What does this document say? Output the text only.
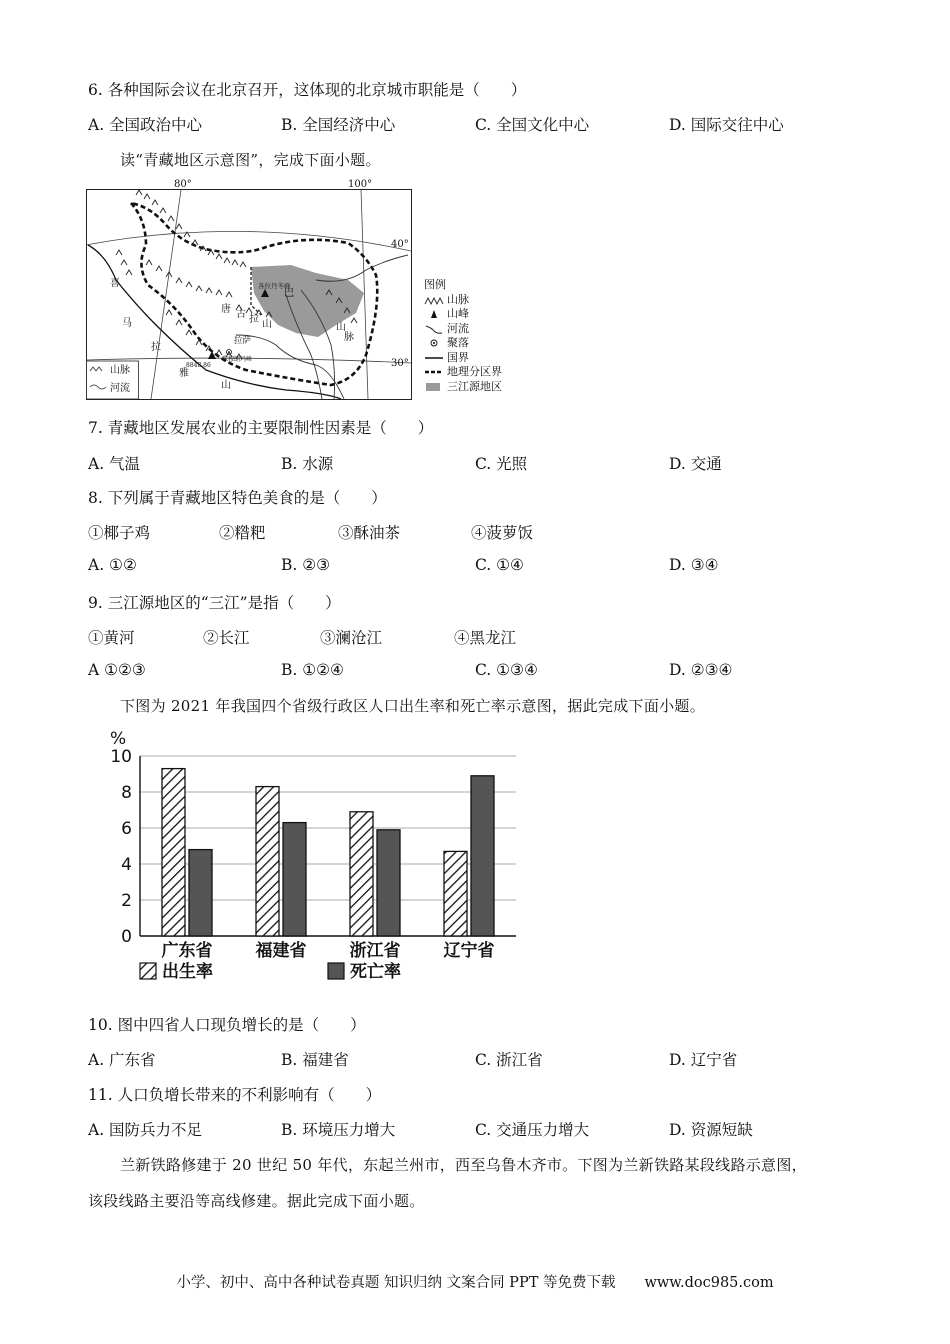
6. 各种国际会议在北京召开，这体现的北京城市职能是（　　）
A. 全国政治中心	B. 全国经济中心	C. 全国文化中心	D. 国际交往中心
读“青藏地区示意图”，完成下面小题。
80°	100°
40°
30°
喜
马
拉
雅
山
唐 古 拉 山
拉萨
巴
山
脉
各拉丹冬峰
8848.86
珠穆朗玛峰
山脉
河流
图例
山脉
山峰
河流
聚落
国界
地理分区界
三江源地区
7. 青藏地区发展农业的主要限制性因素是（　　）
A. 气温	B. 水源	C. 光照	D. 交通
8. 下列属于青藏地区特色美食的是（　　）
①椰子鸡	②糌粑	③酥油茶	④菠萝饭
A. ①②	B. ②③	C. ①④	D. ③④
9. 三江源地区的“三江”是指（　　）
①黄河	②长江	③澜沧江	④黑龙江
A ①②③	B. ①②④	C. ①③④	D. ②③④
下图为 2021 年我国四个省级行政区人口出生率和死亡率示意图，据此完成下面小题。
%
0
2
4
6
8
10
广东省	福建省	浙江省	辽宁省
出生率	死亡率
10. 图中四省人口现负增长的是（　　）
A. 广东省	B. 福建省	C. 浙江省	D. 辽宁省
11. 人口负增长带来的不利影响有（　　）
A. 国防兵力不足	B. 环境压力增大	C. 交通压力增大	D. 资源短缺
兰新铁路修建于 20 世纪 50 年代，东起兰州市，西至乌鲁木齐市。下图为兰新铁路某段线路示意图，
该段线路主要沿等高线修建。据此完成下面小题。
小学、初中、高中各种试卷真题 知识归纳 文案合同 PPT 等免费下载　　www.doc985.com
